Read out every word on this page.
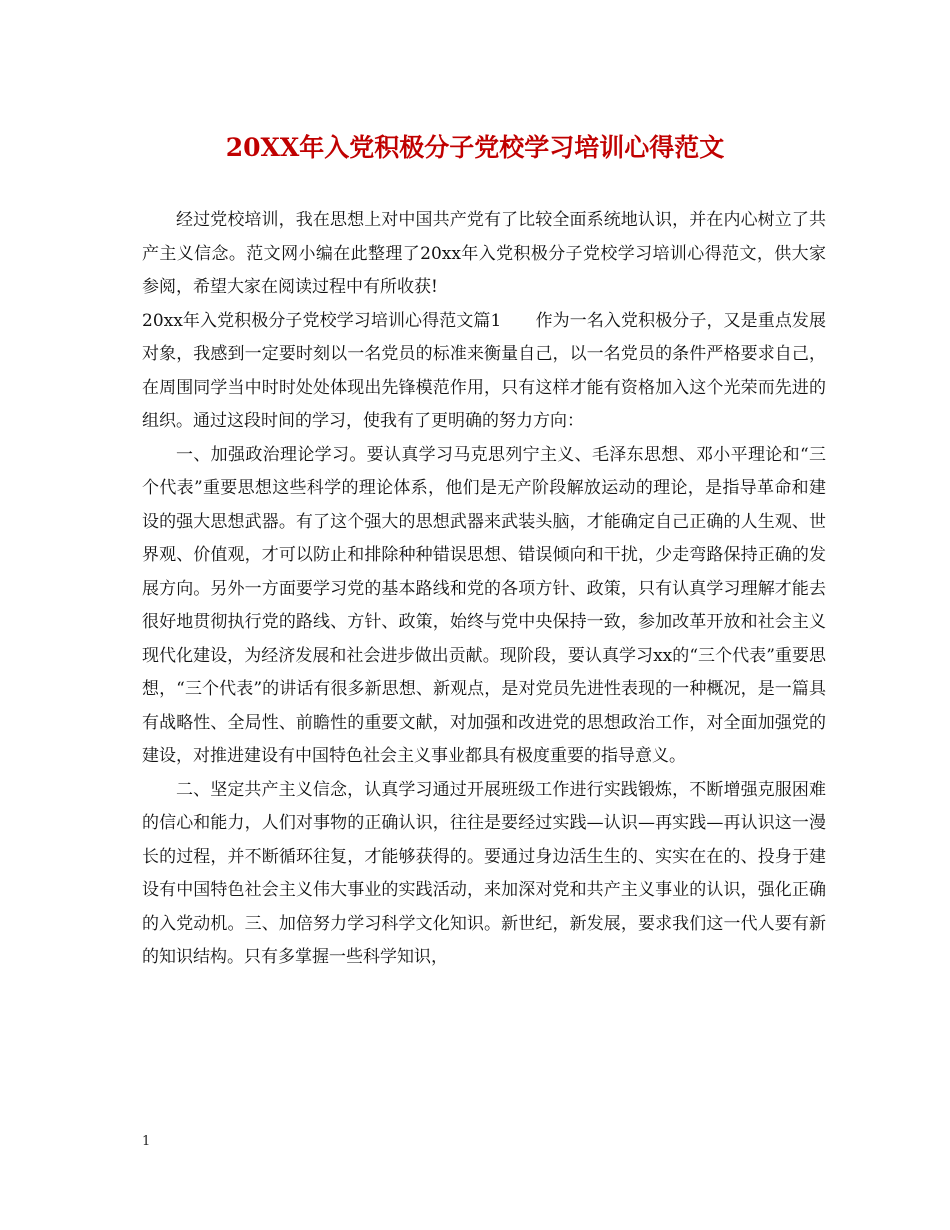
20XX年入党积极分子党校学习培训心得范文

经过党校培训，我在思想上对中国共产党有了比较全面系统地认识，并在内心树立了共产主义信念。范文网小编在此整理了20xx年入党积极分子党校学习培训心得范文，供大家参阅，希望大家在阅读过程中有所收获!

20xx年入党积极分子党校学习培训心得范文篇1　　作为一名入党积极分子，又是重点发展对象，我感到一定要时刻以一名党员的标准来衡量自己，以一名党员的条件严格要求自己，在周围同学当中时时处处体现出先锋模范作用，只有这样才能有资格加入这个光荣而先进的组织。通过这段时间的学习，使我有了更明确的努力方向：

一、加强政治理论学习。要认真学习马克思列宁主义、毛泽东思想、邓小平理论和“三个代表”重要思想这些科学的理论体系，他们是无产阶段解放运动的理论，是指导革命和建设的强大思想武器。有了这个强大的思想武器来武装头脑，才能确定自己正确的人生观、世界观、价值观，才可以防止和排除种种错误思想、错误倾向和干扰，少走弯路保持正确的发展方向。另外一方面要学习党的基本路线和党的各项方针、政策，只有认真学习理解才能去很好地贯彻执行党的路线、方针、政策，始终与党中央保持一致，参加改革开放和社会主义现代化建设，为经济发展和社会进步做出贡献。现阶段，要认真学习xx的“三个代表”重要思想，“三个代表”的讲话有很多新思想、新观点，是对党员先进性表现的一种概况，是一篇具有战略性、全局性、前瞻性的重要文献，对加强和改进党的思想政治工作，对全面加强党的建设，对推进建设有中国特色社会主义事业都具有极度重要的指导意义。

二、坚定共产主义信念，认真学习通过开展班级工作进行实践锻炼，不断增强克服困难的信心和能力，人们对事物的正确认识，往往是要经过实践—认识—再实践—再认识这一漫长的过程，并不断循环往复，才能够获得的。要通过身边活生生的、实实在在的、投身于建设有中国特色社会主义伟大事业的实践活动，来加深对党和共产主义事业的认识，强化正确的入党动机。三、加倍努力学习科学文化知识。新世纪，新发展，要求我们这一代人要有新的知识结构。只有多掌握一些科学知识，

1
